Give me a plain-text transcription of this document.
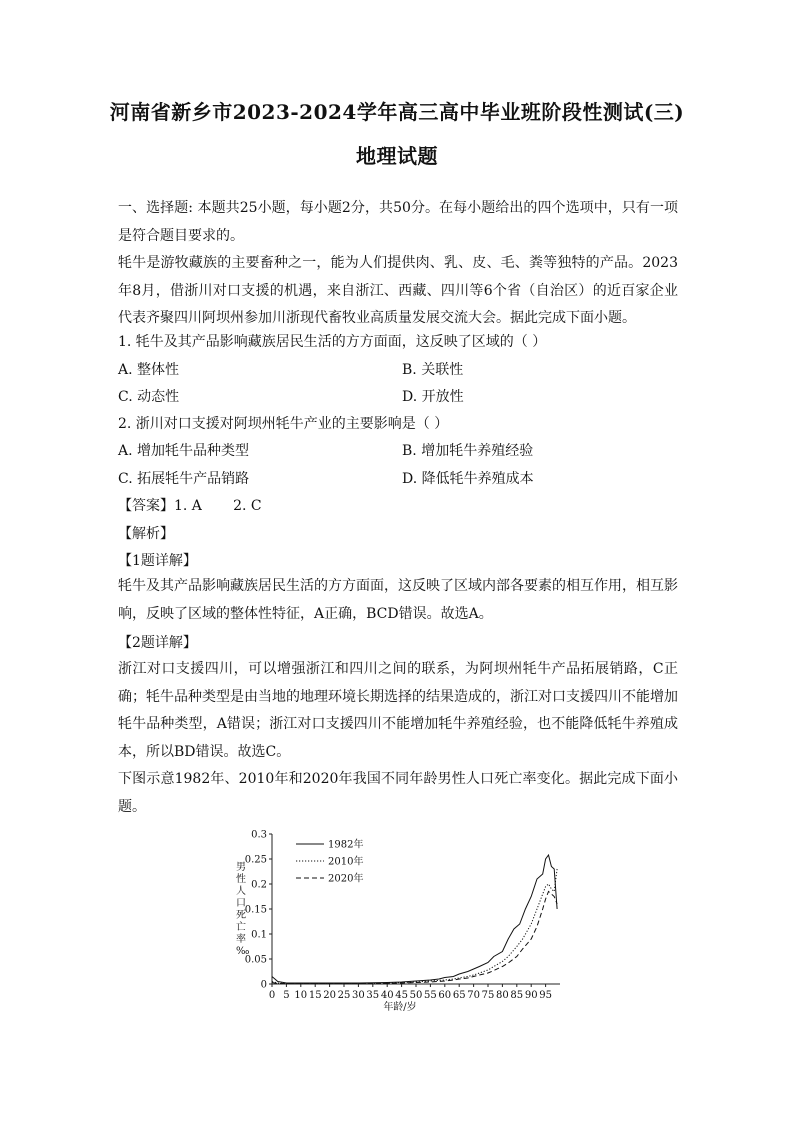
河南省新乡市2023-2024学年高三高中毕业班阶段性测试(三)
地理试题
一、选择题: 本题共25小题，每小题2分，共50分。在每小题给出的四个选项中，只有一项是符合题目要求的。
牦牛是游牧藏族的主要畜种之一，能为人们提供肉、乳、皮、毛、粪等独特的产品。2023年8月，借浙川对口支援的机遇，来自浙江、西藏、四川等6个省（自治区）的近百家企业代表齐聚四川阿坝州参加川浙现代畜牧业高质量发展交流大会。据此完成下面小题。
1. 牦牛及其产品影响藏族居民生活的方方面面，这反映了区域的（ ）
A. 整体性	B. 关联性
C. 动态性	D. 开放性
2. 浙川对口支援对阿坝州牦牛产业的主要影响是（ ）
A. 增加牦牛品种类型	B. 增加牦牛养殖经验
C. 拓展牦牛产品销路	D. 降低牦牛养殖成本
【答案】1. A       2. C
【解析】
【1题详解】
牦牛及其产品影响藏族居民生活的方方面面，这反映了区域内部各要素的相互作用，相互影响，反映了区域的整体性特征，A正确，BCD错误。故选A。
【2题详解】
浙江对口支援四川，可以增强浙江和四川之间的联系，为阿坝州牦牛产品拓展销路，C正确；牦牛品种类型是由当地的地理环境长期选择的结果造成的，浙江对口支援四川不能增加牦牛品种类型，A错误；浙江对口支援四川不能增加牦牛养殖经验，也不能降低牦牛养殖成本，所以BD错误。故选C。
下图示意1982年、2010年和2020年我国不同年龄男性人口死亡率变化。据此完成下面小题。
0
0.05
0.1
0.15
0.2
0.25
0.3
0 5 10 15 20 25 30 35 40 45 50 55 60 65 70 75 80 85 90 95
1982年
2010年
2020年
男性人口死亡率‰
年龄/岁
